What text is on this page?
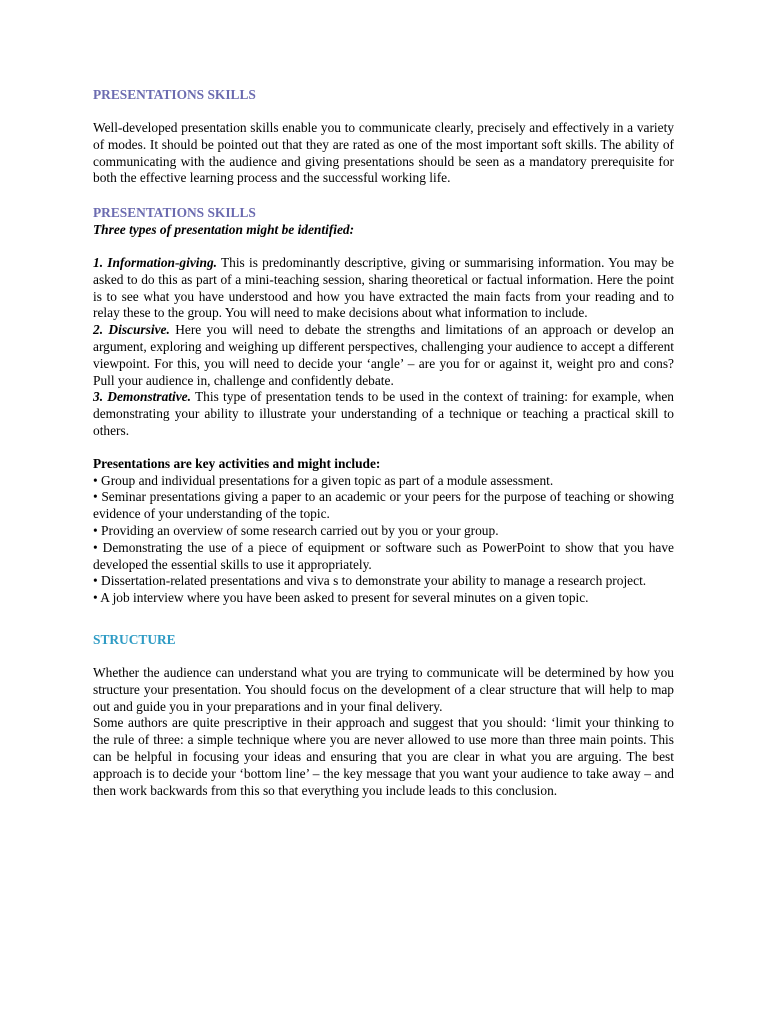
PRESENTATIONS SKILLS

Well-developed presentation skills enable you to communicate clearly, precisely and effectively in a variety of modes. It should be pointed out that they are rated as one of the most important soft skills. The ability of communicating with the audience and giving presentations should be seen as a mandatory prerequisite for both the effective learning process and the successful working life.

PRESENTATIONS SKILLS

Three types of presentation might be identified:

1. Information-giving. This is predominantly descriptive, giving or summarising information. You may be asked to do this as part of a mini-teaching session, sharing theoretical or factual information. Here the point is to see what you have understood and how you have extracted the main facts from your reading and to relay these to the group. You will need to make decisions about what information to include.

2. Discursive. Here you will need to debate the strengths and limitations of an approach or develop an argument, exploring and weighing up different perspectives, challenging your audience to accept a different viewpoint. For this, you will need to decide your ‘angle’ – are you for or against it, weight pro and cons? Pull your audience in, challenge and confidently debate.

3. Demonstrative. This type of presentation tends to be used in the context of training: for example, when demonstrating your ability to illustrate your understanding of a technique or teaching a practical skill to others.

Presentations are key activities and might include:

• Group and individual presentations for a given topic as part of a module assessment.

• Seminar presentations giving a paper to an academic or your peers for the purpose of teaching or showing evidence of your understanding of the topic.

• Providing an overview of some research carried out by you or your group.

• Demonstrating the use of a piece of equipment or software such as PowerPoint to show that you have developed the essential skills to use it appropriately.

• Dissertation-related presentations and viva s to demonstrate your ability to manage a research project.

• A job interview where you have been asked to present for several minutes on a given topic.

STRUCTURE

Whether the audience can understand what you are trying to communicate will be determined by how you structure your presentation. You should focus on the development of a clear structure that will help to map out and guide you in your preparations and in your final delivery.

Some authors are quite prescriptive in their approach and suggest that you should: ‘limit your thinking to the rule of three: a simple technique where you are never allowed to use more than three main points. This can be helpful in focusing your ideas and ensuring that you are clear in what you are arguing. The best approach is to decide your ‘bottom line’ – the key message that you want your audience to take away – and then work backwards from this so that everything you include leads to this conclusion.
